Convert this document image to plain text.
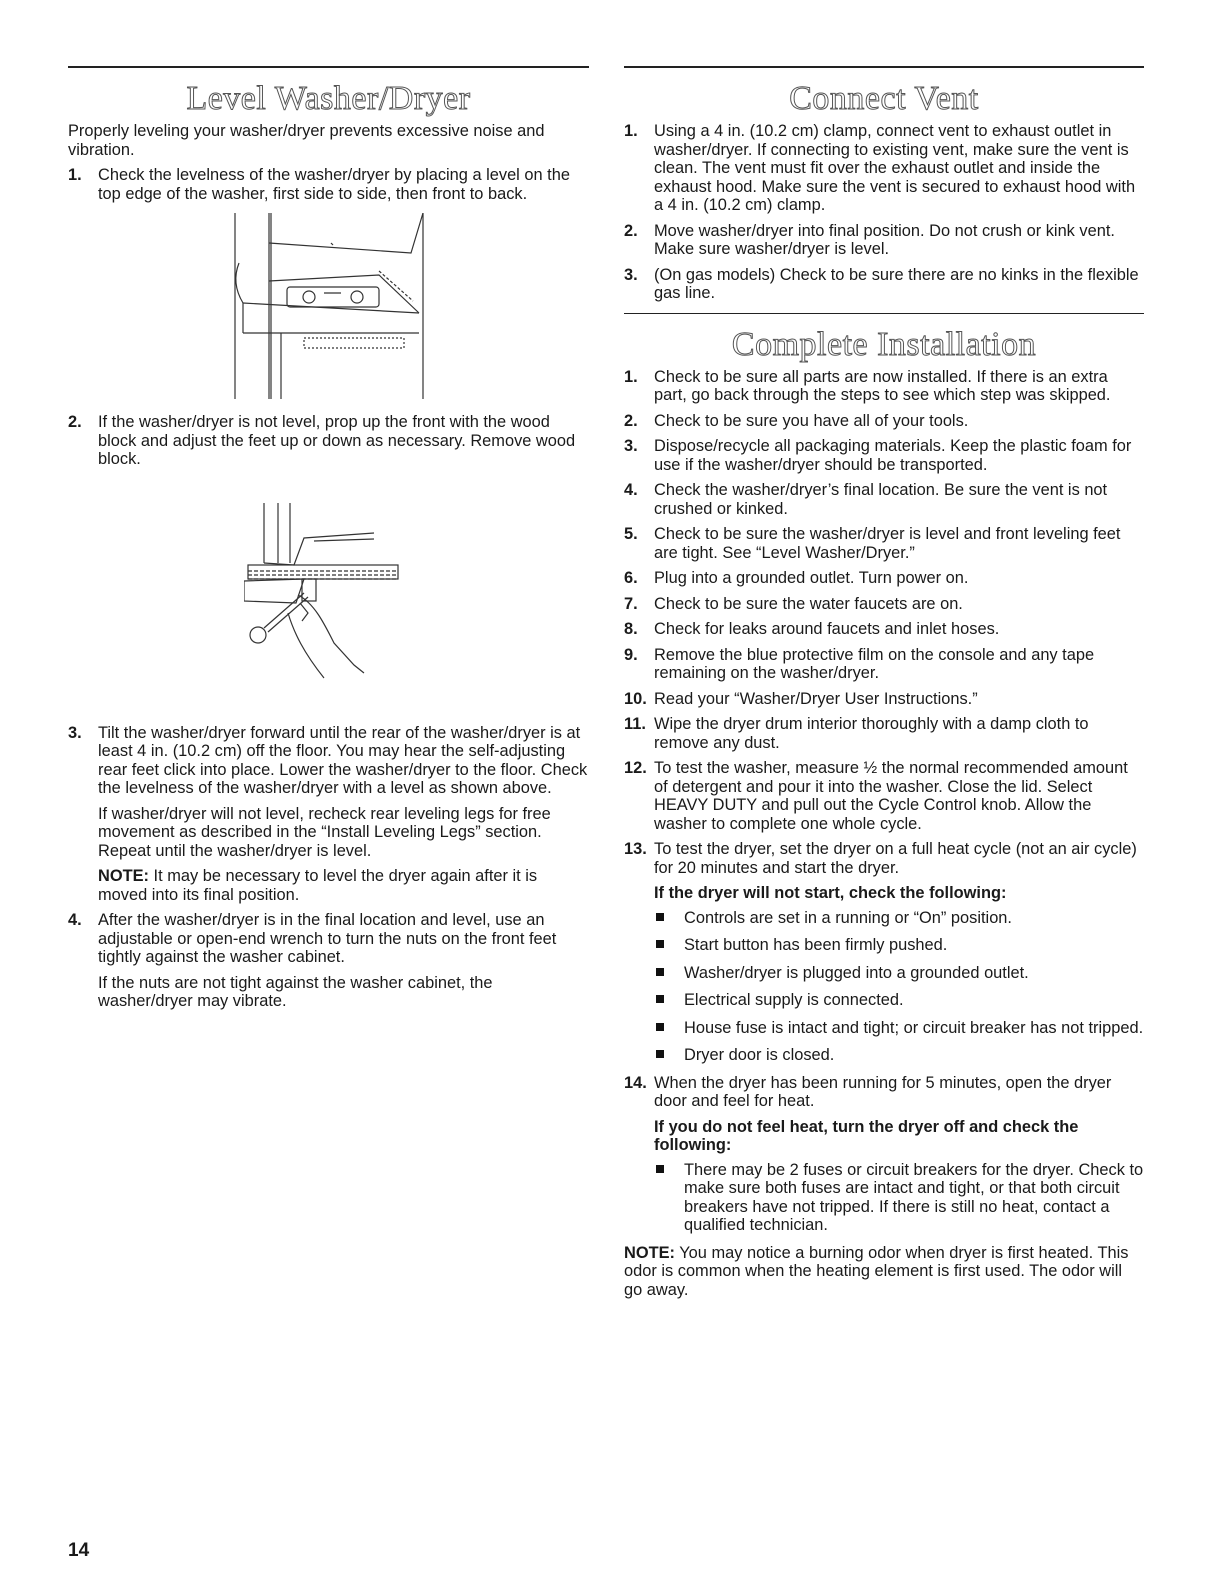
Level Washer/Dryer

Properly leveling your washer/dryer prevents excessive noise and vibration.

1. Check the levelness of the washer/dryer by placing a level on the top edge of the washer, first side to side, then front to back.
2. If the washer/dryer is not level, prop up the front with the wood block and adjust the feet up or down as necessary. Remove wood block.
3. Tilt the washer/dryer forward until the rear of the washer/dryer is at least 4 in. (10.2 cm) off the floor. You may hear the self-adjusting rear feet click into place. Lower the washer/dryer to the floor. Check the levelness of the washer/dryer with a level as shown above.

If washer/dryer will not level, recheck rear leveling legs for free movement as described in the “Install Leveling Legs” section. Repeat until the washer/dryer is level.

NOTE: It may be necessary to level the dryer again after it is moved into its final position.

4. After the washer/dryer is in the final location and level, use an adjustable or open-end wrench to turn the nuts on the front feet tightly against the washer cabinet.

If the nuts are not tight against the washer cabinet, the washer/dryer may vibrate.

Connect Vent
1. Using a 4 in. (10.2 cm) clamp, connect vent to exhaust outlet in washer/dryer. If connecting to existing vent, make sure the vent is clean. The vent must fit over the exhaust outlet and inside the exhaust hood. Make sure the vent is secured to exhaust hood with a 4 in. (10.2 cm) clamp.
2. Move washer/dryer into final position. Do not crush or kink vent. Make sure washer/dryer is level.
3. (On gas models) Check to be sure there are no kinks in the flexible gas line.
Complete Installation
1. Check to be sure all parts are now installed. If there is an extra part, go back through the steps to see which step was skipped.
2. Check to be sure you have all of your tools.
3. Dispose/recycle all packaging materials. Keep the plastic foam for use if the washer/dryer should be transported.
4. Check the washer/dryer’s final location. Be sure the vent is not crushed or kinked.
5. Check to be sure the washer/dryer is level and front leveling feet are tight. See “Level Washer/Dryer.”
6. Plug into a grounded outlet. Turn power on.
7. Check to be sure the water faucets are on.
8. Check for leaks around faucets and inlet hoses.
9. Remove the blue protective film on the console and any tape remaining on the washer/dryer.
10. Read your “Washer/Dryer User Instructions.”
11. Wipe the dryer drum interior thoroughly with a damp cloth to remove any dust.
12. To test the washer, measure ½ the normal recommended amount of detergent and pour it into the washer. Close the lid. Select HEAVY DUTY and pull out the Cycle Control knob. Allow the washer to complete one whole cycle.
13. To test the dryer, set the dryer on a full heat cycle (not an air cycle) for 20 minutes and start the dryer.

If the dryer will not start, check the following:

Controls are set in a running or “On” position.
Start button has been firmly pushed.
Washer/dryer is plugged into a grounded outlet.
Electrical supply is connected.
House fuse is intact and tight; or circuit breaker has not tripped.
Dryer door is closed.
14. When the dryer has been running for 5 minutes, open the dryer door and feel for heat.

If you do not feel heat, turn the dryer off and check the following:

There may be 2 fuses or circuit breakers for the dryer. Check to make sure both fuses are intact and tight, or that both circuit breakers have not tripped. If there is still no heat, contact a qualified technician.

NOTE: You may notice a burning odor when dryer is first heated. This odor is common when the heating element is first used. The odor will go away.

14
